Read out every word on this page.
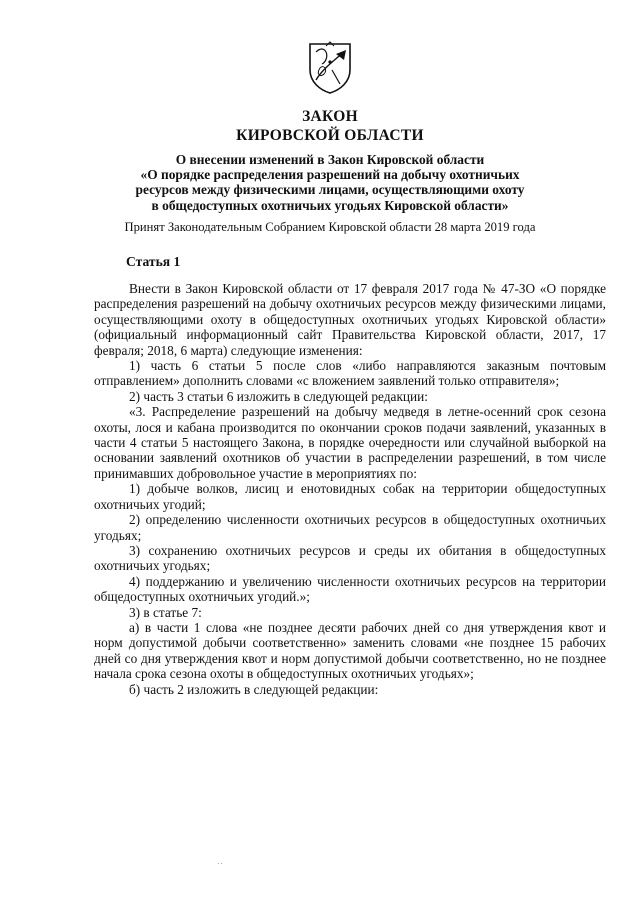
ЗАКОН
КИРОВСКОЙ ОБЛАСТИ
О внесении изменений в Закон Кировской области
«О порядке распределения разрешений на добычу охотничьих
ресурсов между физическими лицами, осуществляющими охоту
в общедоступных охотничьих угодьях Кировской области»
Принят Законодательным Собранием Кировской области 28 марта 2019 года
Статья 1

Внести в Закон Кировской области от 17 февраля 2017 года № 47-ЗО «О порядке распределения разрешений на добычу охотничьих ресурсов между физическими лицами, осуществляющими охоту в общедоступных охотничьих угодьях Кировской области» (официальный информационный сайт Правительства Кировской области, 2017, 17 февраля; 2018, 6 марта) следующие изменения:

1) часть 6 статьи 5 после слов «либо направляются заказным почтовым отправлением» дополнить словами «с вложением заявлений только отправителя»;

2) часть 3 статьи 6 изложить в следующей редакции:

«3. Распределение разрешений на добычу медведя в летне-осенний срок сезона охоты, лося и кабана производится по окончании сроков подачи заявлений, указанных в части 4 статьи 5 настоящего Закона, в порядке очередности или случайной выборкой на основании заявлений охотников об участии в распределении разрешений, в том числе принимавших добровольное участие в мероприятиях по:

1) добыче волков, лисиц и енотовидных собак на территории общедоступных охотничьих угодий;

2) определению численности охотничьих ресурсов в общедоступных охотничьих угодьях;

3) сохранению охотничьих ресурсов и среды их обитания в общедоступных охотничьих угодьях;

4) поддержанию и увеличению численности охотничьих ресурсов на территории общедоступных охотничьих угодий.»;

3) в статье 7:

а) в части 1 слова «не позднее десяти рабочих дней со дня утверждения квот и норм допустимой добычи соответственно» заменить словами «не позднее 15 рабочих дней со дня утверждения квот и норм допустимой добычи соответственно, но не позднее начала срока сезона охоты в общедоступных охотничьих угодьях»;

б) часть 2 изложить в следующей редакции:

··
